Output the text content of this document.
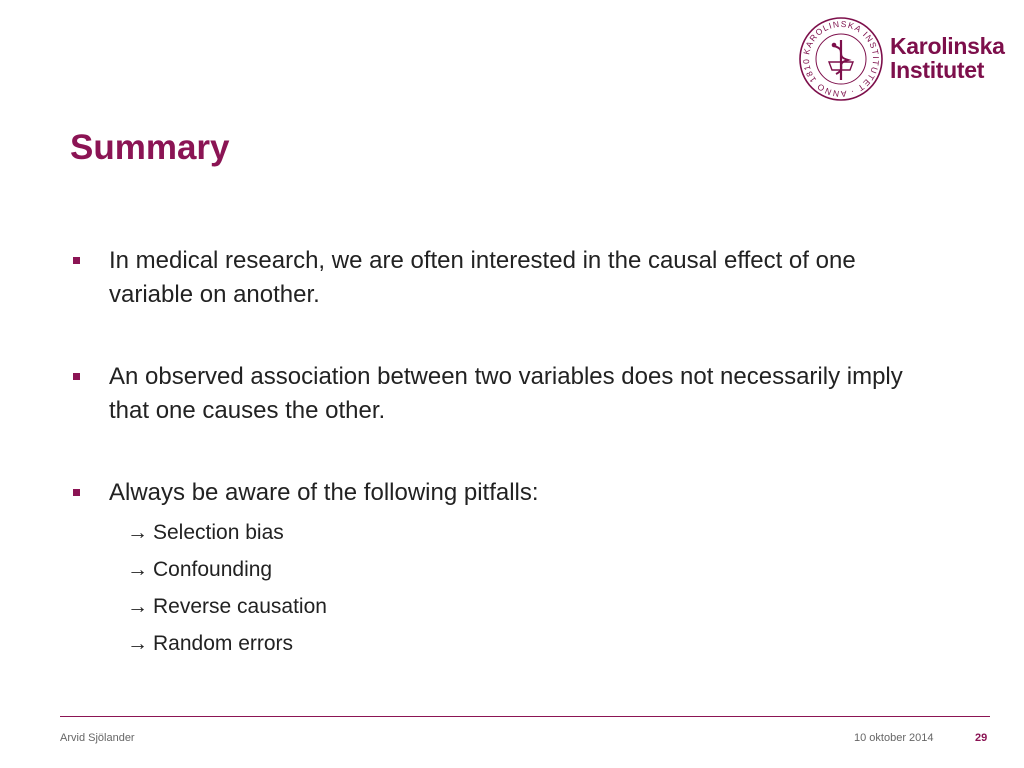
KAROLINSKA INSTITUTET · ANNO 1810
Karolinska
Institutet
Summary
In medical research, we are often interested in the causal effect of one variable on another.
An observed association between two variables does not necessarily imply that one causes the other.
Always be aware of the following pitfalls:
→ Selection bias
→ Confounding
→ Reverse causation
→ Random errors
Arvid Sjölander	10 oktober 2014	29
